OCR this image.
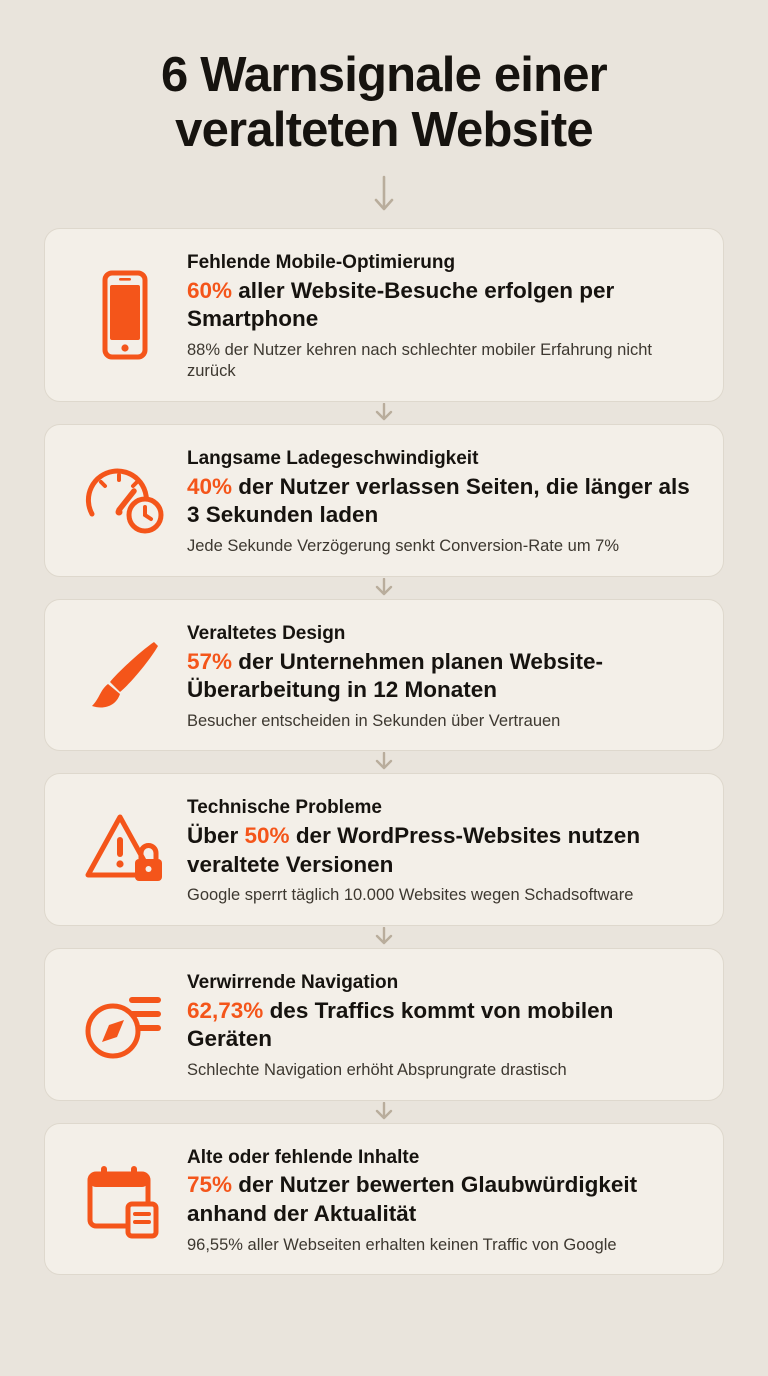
6 Warnsignale einer
veralteten Website
Fehlende Mobile-Optimierung
60% aller Website-Besuche erfolgen per Smartphone
88% der Nutzer kehren nach schlechter mobiler Erfahrung nicht zurück
Langsame Ladegeschwindigkeit
40% der Nutzer verlassen Seiten, die länger als 3 Sekunden laden
Jede Sekunde Verzögerung senkt Conversion-Rate um 7%
Veraltetes Design
57% der Unternehmen planen Website-Überarbeitung in 12 Monaten
Besucher entscheiden in Sekunden über Vertrauen
Technische Probleme
Über 50% der WordPress-Websites nutzen veraltete Versionen
Google sperrt täglich 10.000 Websites wegen Schadsoftware
Verwirrende Navigation
62,73% des Traffics kommt von mobilen Geräten
Schlechte Navigation erhöht Absprungrate drastisch
Alte oder fehlende Inhalte
75% der Nutzer bewerten Glaubwürdigkeit anhand der Aktualität
96,55% aller Webseiten erhalten keinen Traffic von Google
